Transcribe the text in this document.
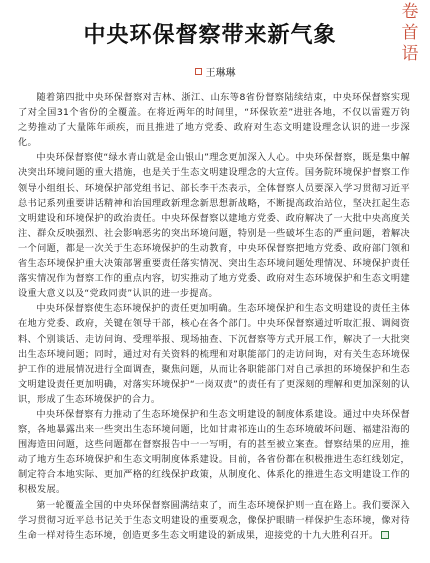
卷
首
语
中央环保督察带来新气象
王琳琳

随着第四批中央环保督察对吉林、浙江、山东等8省份督察陆续结束，中央环保督察实现了对全国31个省份的全覆盖。在将近两年的时间里，“环保钦差”进驻各地，不仅以雷霆万钧之势推动了大量陈年顽疾，而且推进了地方党委、政府对生态文明建设理念认识的进一步深化。

中央环保督察使“绿水青山就是金山银山”理念更加深入人心。中央环保督察，既是集中解决突出环境问题的重大措施，也是关于生态文明建设理念的大宣传。国务院环境保护督察工作领导小组组长、环境保护部党组书记、部长李干杰表示，全体督察人员要深入学习贯彻习近平总书记系列重要讲话精神和治国理政新理念新思想新战略，不断提高政治站位，坚决扛起生态文明建设和环境保护的政治责任。中央环保督察以建地方党委、政府解决了一大批中央高度关注、群众反映强烈、社会影响恶劣的突出环境问题，特别是一些破坏生态的严重问题，着解决一个问题，都是一次关于生态环境保护的生动教育，中央环保督察把地方党委、政府部门领和省生态环境保护重大决策部署重要责任落实情况、突出生态环境问题处理情况、环境保护责任落实情况作为督察工作的重点内容，切实推动了地方党委、政府对生态环境保护和生态文明建设重大意义以及“党政同责”认识的进一步提高。

中央环保督察使生态环境保护的责任更加明确。生态环境保护和生态文明建设的责任主体在地方党委、政府，关键在领导干部，核心在各个部门。中央环保督察通过听取汇报、调阅资料、个别谈话、走访问询、受理举报、现场抽查、下沉督察等方式开展工作，解决了一大批突出生态环境问题；同时，通过对有关资料的梳理和对职能部门的走访问询，对有关生态环境保护工作的进展情况进行全面调查，聚焦问题，从而让各职能部门对自己承担的环境保护和生态文明建设责任更加明确，对落实环境保护“一岗双责”的责任有了更深刻的理解和更加深刻的认识，形成了生态环境保护的合力。

中央环保督察有力推动了生态环境保护和生态文明建设的制度体系建设。通过中央环保督察，各地暴露出来一些突出生态环境问题，比如甘肃祁连山的生态环境破坏问题、福建沿海的围海造田问题，这些问题都在督察报告中一一写明，有的甚至被立案查。督察结果的应用，推动了地方生态环境保护和生态文明制度体系建设。目前，各省份都在积极推进生态红线划定，制定符合本地实际、更加严格的红线保护政策，从制度化、体系化的推进生态文明建设工作的积极发展。

第一轮覆盖全国的中央环保督察圆满结束了，而生态环境保护则一直在路上。我们要深入学习贯彻习近平总书记关于生态文明建设的重要观念，像保护眼睛一样保护生态环境，像对待生命一样对待生态环境，创造更多生态文明建设的新成果，迎接党的十九大胜利召开。
